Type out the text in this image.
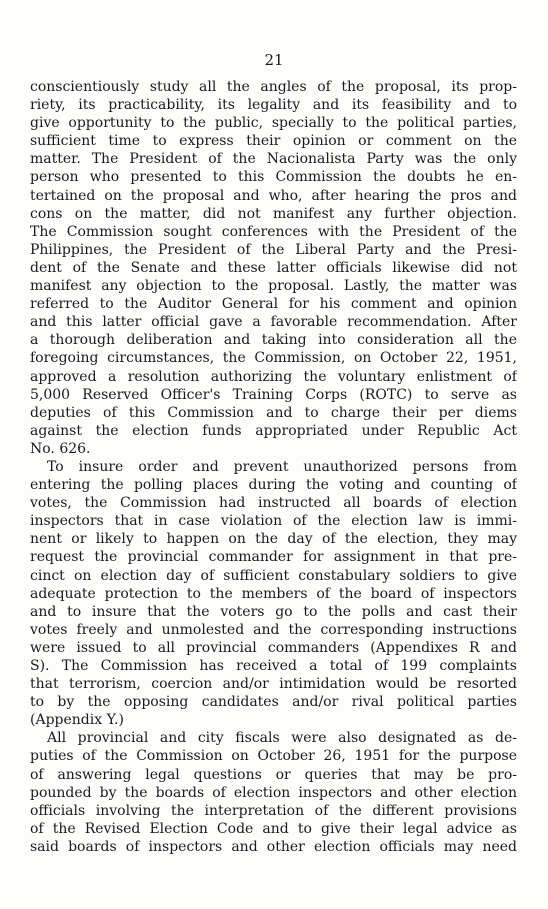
21
conscientiously study all the angles of the proposal, its prop-
riety, its practicability, its legality and its feasibility and to
give opportunity to the public, specially to the political parties,
sufficient time to express their opinion or comment on the
matter. The President of the Nacionalista Party was the only
person who presented to this Commission the doubts he en-
tertained on the proposal and who, after hearing the pros and
cons on the matter, did not manifest any further objection.
The Commission sought conferences with the President of the
Philippines, the President of the Liberal Party and the Presi-
dent of the Senate and these latter officials likewise did not
manifest any objection to the proposal. Lastly, the matter was
referred to the Auditor General for his comment and opinion
and this latter official gave a favorable recommendation. After
a thorough deliberation and taking into consideration all the
foregoing circumstances, the Commission, on October 22, 1951,
approved a resolution authorizing the voluntary enlistment of
5,000 Reserved Officer's Training Corps (ROTC) to serve as
deputies of this Commission and to charge their per diems
against the election funds appropriated under Republic Act
No. 626.
To insure order and prevent unauthorized persons from
entering the polling places during the voting and counting of
votes, the Commission had instructed all boards of election
inspectors that in case violation of the election law is immi-
nent or likely to happen on the day of the election, they may
request the provincial commander for assignment in that pre-
cinct on election day of sufficient constabulary soldiers to give
adequate protection to the members of the board of inspectors
and to insure that the voters go to the polls and cast their
votes freely and unmolested and the corresponding instructions
were issued to all provincial commanders (Appendixes R and
S). The Commission has received a total of 199 complaints
that terrorism, coercion and/or intimidation would be resorted
to by the opposing candidates and/or rival political parties
(Appendix Y.)
All provincial and city fiscals were also designated as de-
puties of the Commission on October 26, 1951 for the purpose
of answering legal questions or queries that may be pro-
pounded by the boards of election inspectors and other election
officials involving the interpretation of the different provisions
of the Revised Election Code and to give their legal advice as
said boards of inspectors and other election officials may need
